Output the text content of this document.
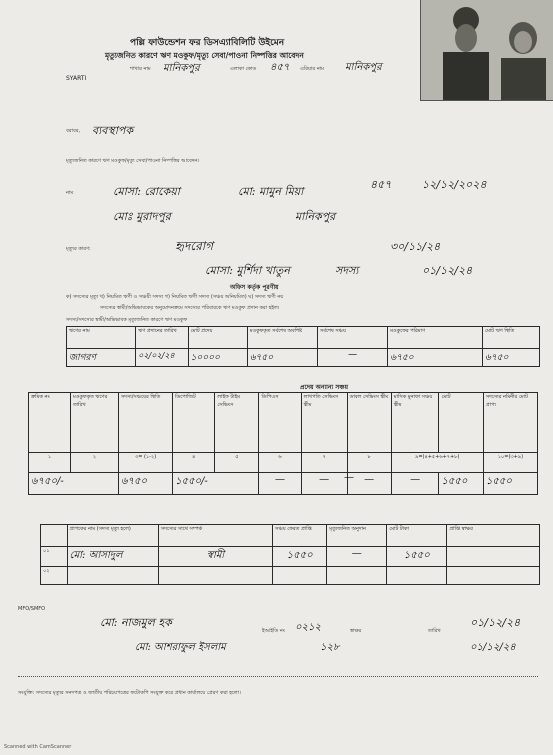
পল্লি ফাউন্ডেশন ফর ডিসএ্যাবিলিটি উইমেন
মৃত্যুজনিত কারণে ঋণ মওকুফ/মৃত্যু সেবা/পাওনা নিষ্পত্তির আবেদন
SYARTI
শাখার নাম মানিকপুর	এলাকা কোড ৪৫৭ এরিয়ার নাম মানিকপুর
বরাবর, ব্যবস্থাপক
মৃত্যুজনিত কারণে ঋণ মওকুফ/মৃত্যু সেবা/পাওনা নিষ্পত্তির আবেদন।
নাম	মোসা: রোকেয়া	মো: মামুন মিয়া
৪৫৭	১২/১২/২০২৪
মোঃ মুরাদপুর	মানিকপুর
মৃত্যুর কারণ:	হৃদরোগ	৩০/১১/২৪
মোসা: মুর্শিদা খাতুন	সদস্য	০১/১২/২৪
অফিস কর্তৃক পূরণীয়
ক) সদস্যের মৃত্যু খ) নিয়মিত ঋণী ও সঞ্চয়ী সদস্য গ) নিয়মিত ঋণী সদস্য (সঞ্চয় অনিয়মিত) ঘ) সদস্য ঋণী নয়
সদস্যের স্বামী/অভিভাবকের অনুমোদনক্রমে সদস্যের পরিবারকে ঋণ মওকুফ প্রদান করা হইল।
সদস্য/সদস্যের স্বামী/অভিভাবক মৃত্যুজনিত কারণে ঋণ মওকুফ
ঋণের নাম	ঋণ প্রদানের তারিখ	মোট প্রদেয়	মওকুফকৃত সর্বশেষ অবশিষ্ট	সর্বশেষ সঞ্চয়	মওকুফের পরিমাণ	মোট ঋণ স্থিতি
জাগরণ	০২/০২/২৪	১০০০০	৬৭৫০	—	৬৭৫০	৬৭৫০
প্রদেয় অন্যান্য সঞ্চয়
ক্রমিক নং	মওকুফকৃত ঋণের তারিখ	সদস্য/সঞ্চয়ের স্থিতি	ডিপোজিট	লাইফ টাইম সেভিংস	ডিপিএস	লাখপতি সেভিংস স্কীম	ডাবল সেভিংস স্কীম	মাসিক মুনাফা সঞ্চয় স্কীম	মোট	সদস্যের নমিনীর মোট প্রাপ্য
১	২	৩= (১-২)	৪	৫	৬	৭	৮	৯=(৪+৫+৬+৭+৮)		১০=(৩+৯)
৬৭৫০/-		৬৭৫০	১৫৫০/-		—	—	—	—	১৫৫০	১৫৫০
—
	প্রাপকের নাম (সদস্য মৃত্যু হলে)	সদস্যের সাথে সম্পর্ক	সঞ্চয় ফেরত প্রাপ্তি	মৃত্যুজনিত অনুদান	মোট টাকা	প্রাপ্তি স্বাক্ষর
০১	মো: আসাদুল	স্বামী	১৫৫০	—	১৫৫০	
০২						
MFO/SMFO
মো: নাজমুল হক
ইআইডি নং ০২১২	স্বাক্ষর	তারিখ
০১/১২/২৪
মো: আশরাফুল ইসলাম	১২৮	০১/১২/২৪
সংযুক্তি: সদস্যের মৃত্যুর সনদপত্র ও জাতীয় পরিচয়পত্রের ফটোকপি সংযুক্ত করে প্রধান কার্যালয়ে প্রেরণ করা হলো।
Scanned with CamScanner
